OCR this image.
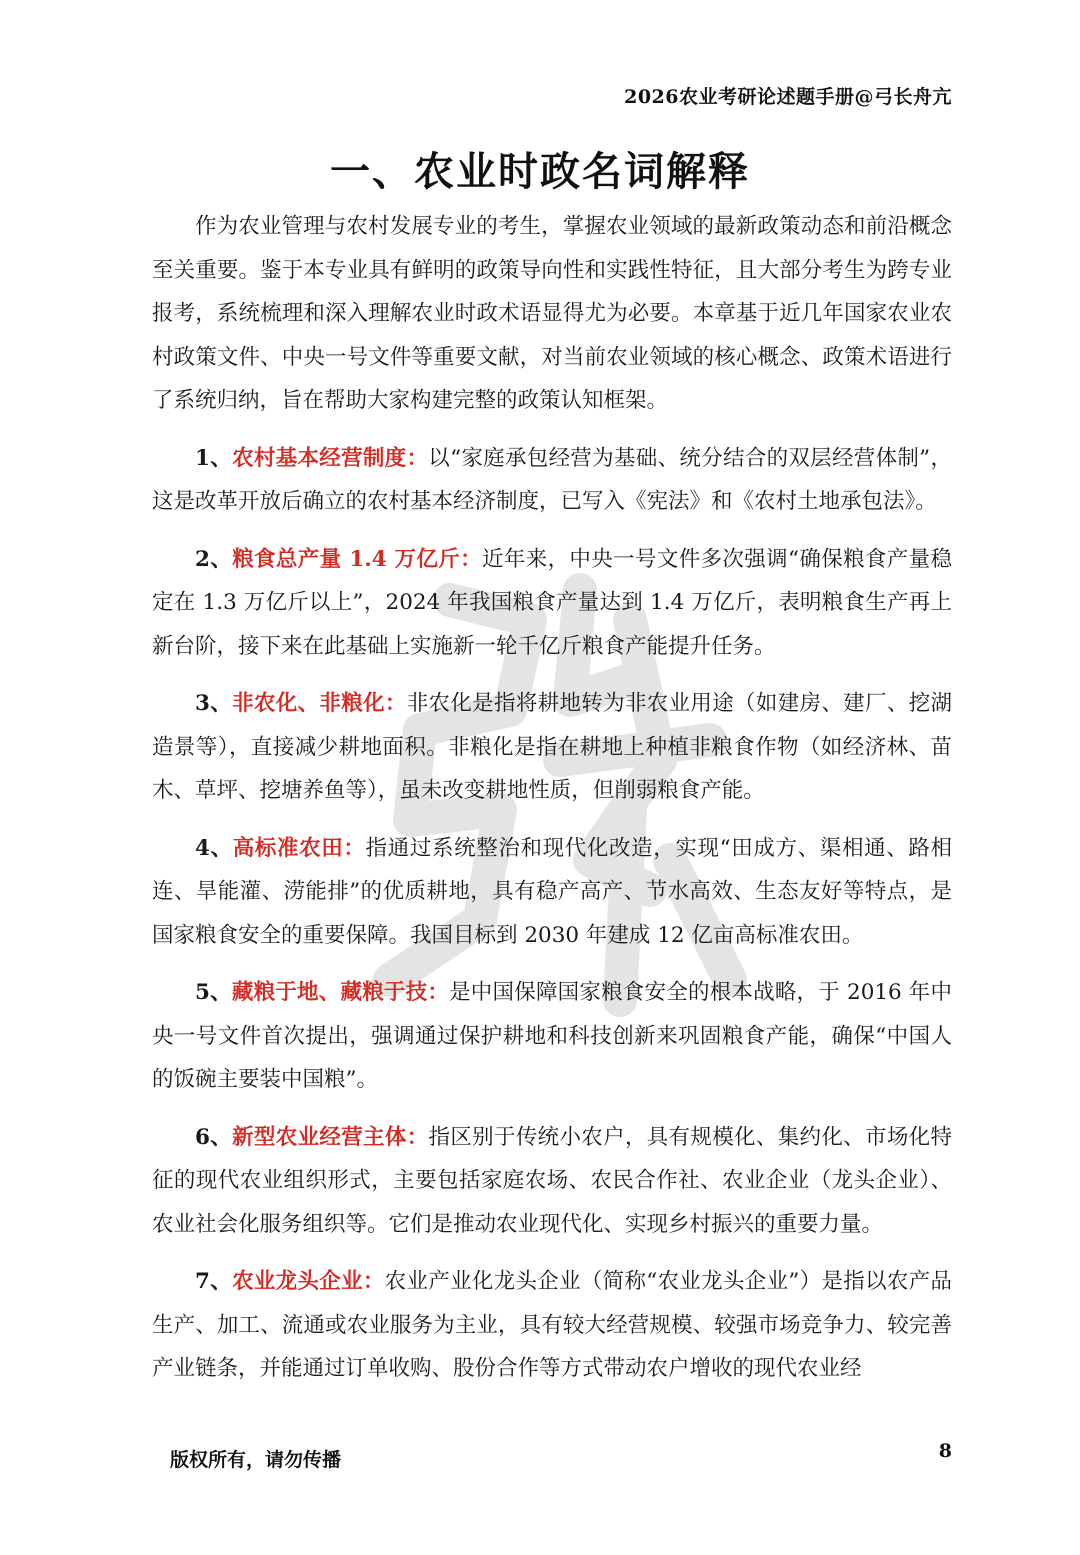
2026农业考研论述题手册@弓长舟亢
一、农业时政名词解释

作为农业管理与农村发展专业的考生，掌握农业领域的最新政策动态和前沿概念至关重要。鉴于本专业具有鲜明的政策导向性和实践性特征，且大部分考生为跨专业报考，系统梳理和深入理解农业时政术语显得尤为必要。本章基于近几年国家农业农村政策文件、中央一号文件等重要文献，对当前农业领域的核心概念、政策术语进行了系统归纳，旨在帮助大家构建完整的政策认知框架。

1、农村基本经营制度：以“家庭承包经营为基础、统分结合的双层经营体制”，这是改革开放后确立的农村基本经济制度，已写入《宪法》和《农村土地承包法》。

2、粮食总产量 1.4 万亿斤：近年来，中央一号文件多次强调“确保粮食产量稳定在 1.3 万亿斤以上”，2024 年我国粮食产量达到 1.4 万亿斤，表明粮食生产再上新台阶，接下来在此基础上实施新一轮千亿斤粮食产能提升任务。

3、非农化、非粮化：非农化是指将耕地转为非农业用途（如建房、建厂、挖湖造景等），直接减少耕地面积。非粮化是指在耕地上种植非粮食作物（如经济林、苗木、草坪、挖塘养鱼等），虽未改变耕地性质，但削弱粮食产能。

4、高标准农田：指通过系统整治和现代化改造，实现“田成方、渠相通、路相连、旱能灌、涝能排”的优质耕地，具有稳产高产、节水高效、生态友好等特点，是国家粮食安全的重要保障。我国目标到 2030 年建成 12 亿亩高标准农田。

5、藏粮于地、藏粮于技：是中国保障国家粮食安全的根本战略，于 2016 年中央一号文件首次提出，强调通过保护耕地和科技创新来巩固粮食产能，确保“中国人的饭碗主要装中国粮”。

6、新型农业经营主体：指区别于传统小农户，具有规模化、集约化、市场化特征的现代农业组织形式，主要包括家庭农场、农民合作社、农业企业（龙头企业）、农业社会化服务组织等。它们是推动农业现代化、实现乡村振兴的重要力量。

7、农业龙头企业：农业产业化龙头企业（简称“农业龙头企业”）是指以农产品生产、加工、流通或农业服务为主业，具有较大经营规模、较强市场竞争力、较完善产业链条，并能通过订单收购、股份合作等方式带动农户增收的现代农业经

版权所有，请勿传播	8
